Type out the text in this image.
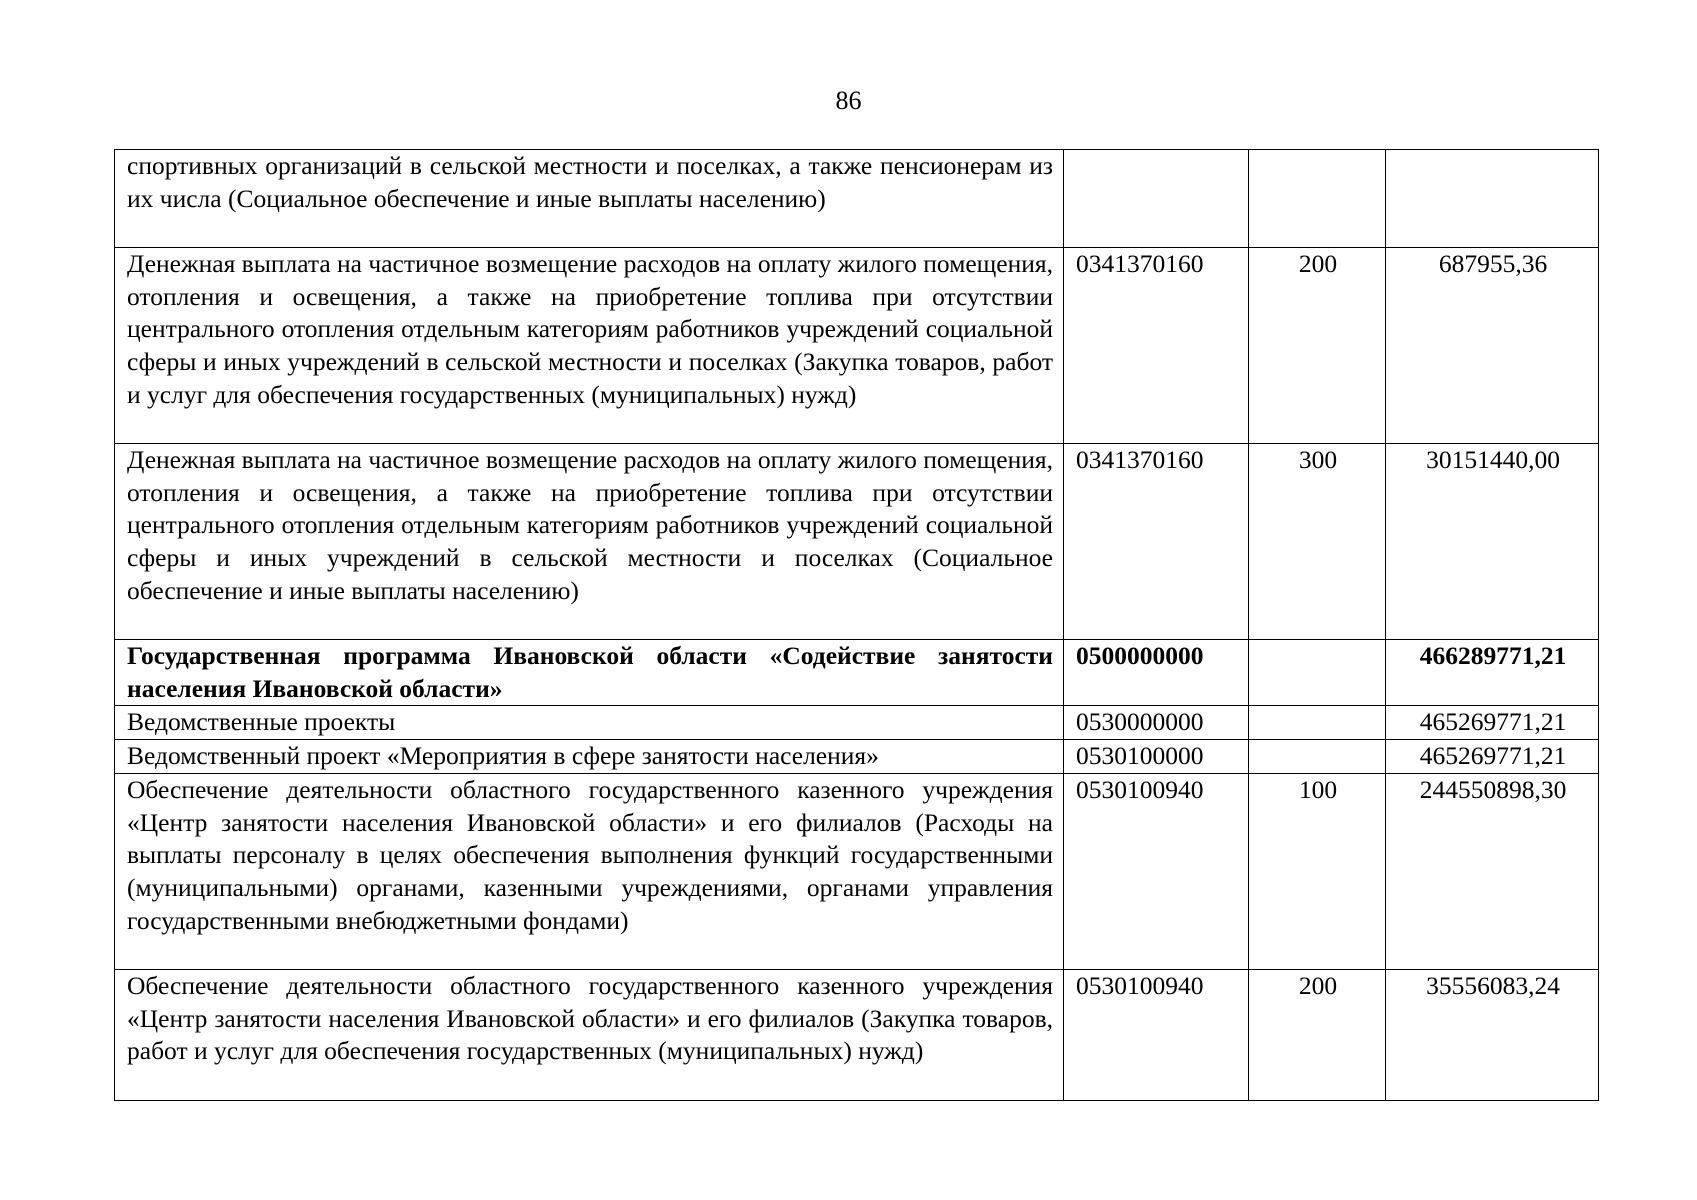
86
спортивных организаций в сельской местности и поселках, а также пенсионерам из их числа (Социальное обеспечение и иные выплаты населению)			
Денежная выплата на частичное возмещение расходов на оплату жилого помещения, отопления и освещения, а также на приобретение топлива при отсутствии центрального отопления отдельным категориям работников учреждений социальной сферы и иных учреждений в сельской местности и поселках (Закупка товаров, работ и услуг для обеспечения государственных (муниципальных) нужд)	0341370160	200	687955,36
Денежная выплата на частичное возмещение расходов на оплату жилого помещения, отопления и освещения, а также на приобретение топлива при отсутствии центрального отопления отдельным категориям работников учреждений социальной сферы и иных учреждений в сельской местности и поселках (Социальное обеспечение и иные выплаты населению)	0341370160	300	30151440,00
Государственная программа Ивановской области «Содействие занятости населения Ивановской области»	0500000000		466289771,21
Ведомственные проекты	0530000000		465269771,21
Ведомственный проект «Мероприятия в сфере занятости населения»	0530100000		465269771,21
Обеспечение деятельности областного государственного казенного учреждения «Центр занятости населения Ивановской области» и его филиалов (Расходы на выплаты персоналу в целях обеспечения выполнения функций государственными (муниципальными) органами, казенными учреждениями, органами управления государственными внебюджетными фондами)	0530100940	100	244550898,30
Обеспечение деятельности областного государственного казенного учреждения «Центр занятости населения Ивановской области» и его филиалов (Закупка товаров, работ и услуг для обеспечения государственных (муниципальных) нужд)	0530100940	200	35556083,24
